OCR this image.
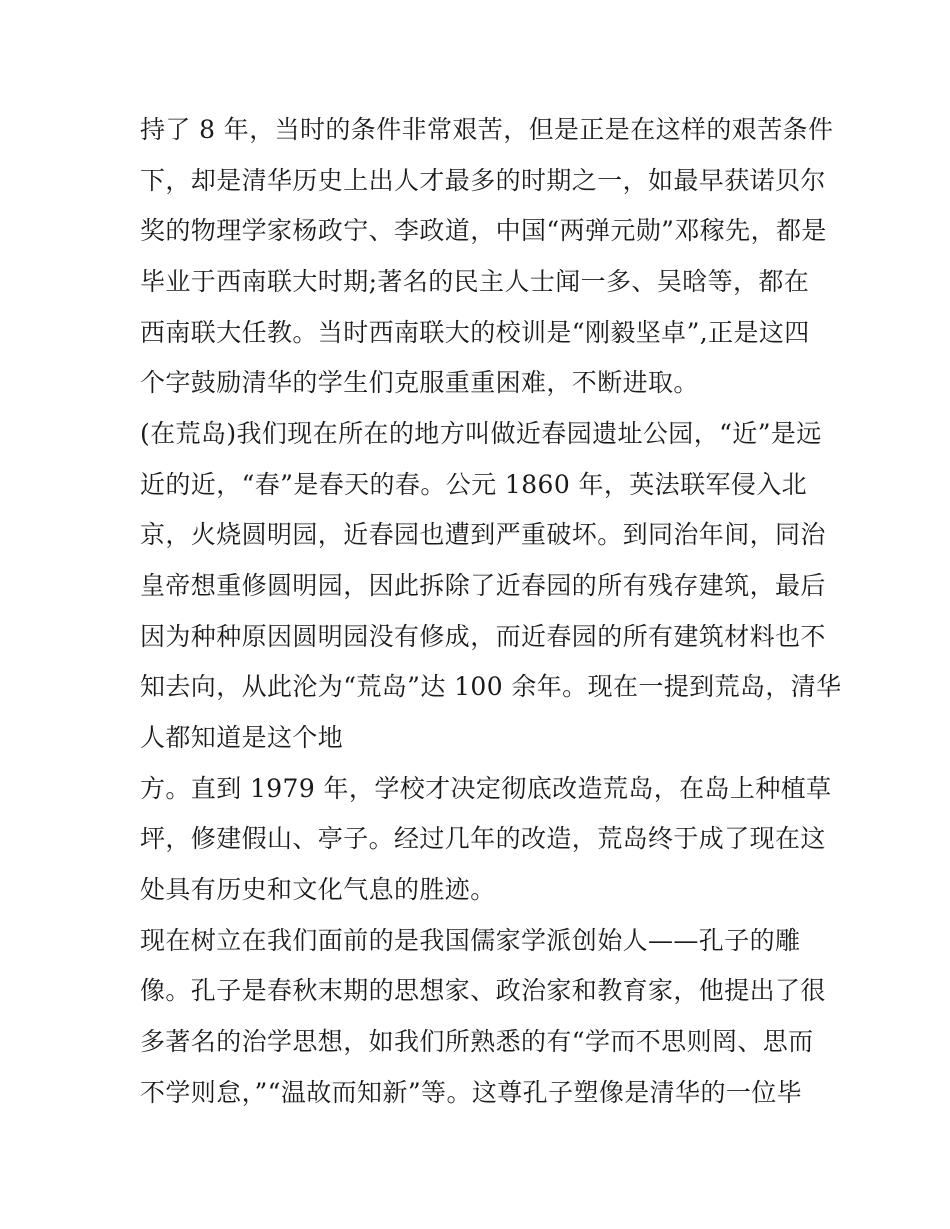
持了 8 年，当时的条件非常艰苦，但是正是在这样的艰苦条件
下，却是清华历史上出人才最多的时期之一，如最早获诺贝尔
奖的物理学家杨政宁、李政道，中国“两弹元勋”邓稼先，都是
毕业于西南联大时期;著名的民主人士闻一多、吴晗等，都在
西南联大任教。当时西南联大的校训是“刚毅坚卓”,正是这四
个字鼓励清华的学生们克服重重困难，不断进取。
(在荒岛)我们现在所在的地方叫做近春园遗址公园，“近”是远
近的近，“春”是春天的春。公元 1860 年，英法联军侵入北
京，火烧圆明园，近春园也遭到严重破坏。到同治年间，同治
皇帝想重修圆明园，因此拆除了近春园的所有残存建筑，最后
因为种种原因圆明园没有修成，而近春园的所有建筑材料也不
知去向，从此沦为“荒岛”达 100 余年。现在一提到荒岛，清华
人都知道是这个地
方。直到 1979 年，学校才决定彻底改造荒岛，在岛上种植草
坪，修建假山、亭子。经过几年的改造，荒岛终于成了现在这
处具有历史和文化气息的胜迹。
现在树立在我们面前的是我国儒家学派创始人——孔子的雕
像。孔子是春秋末期的思想家、政治家和教育家，他提出了很
多著名的治学思想，如我们所熟悉的有“学而不思则罔、思而
不学则怠，”“温故而知新”等。这尊孔子塑像是清华的一位毕
